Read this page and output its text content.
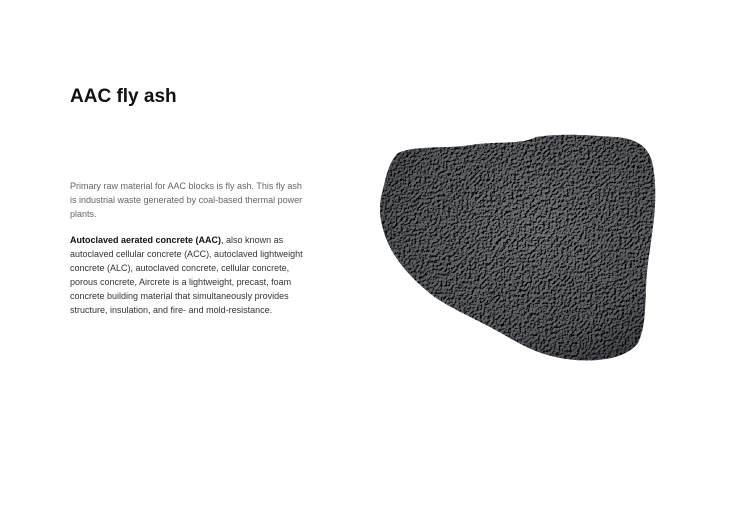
AAC fly ash

Primary raw material for AAC blocks is fly ash. This fly ash is industrial waste generated by coal-based thermal power plants.

Autoclaved aerated concrete (AAC), also known as autoclaved cellular concrete (ACC), autoclaved lightweight concrete (ALC), autoclaved concrete, cellular concrete, porous concrete, Aircrete is a lightweight, precast, foam concrete building material that simultaneously provides structure, insulation, and fire- and mold-resistance.
